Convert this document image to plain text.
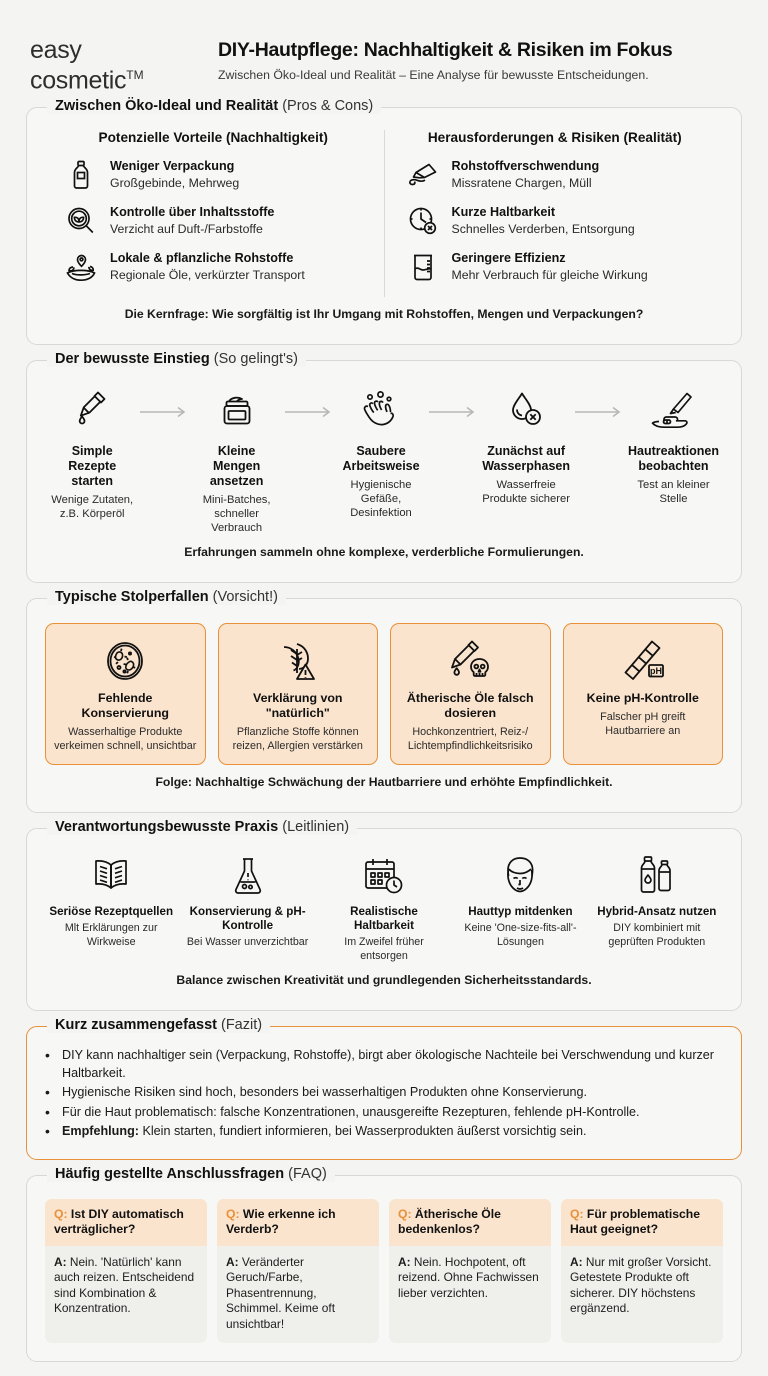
easy
cosmetic™
DIY-Hautpflege: Nachhaltigkeit & Risiken im Fokus
Zwischen Öko-Ideal und Realität – Eine Analyse für bewusste Entscheidungen.
Zwischen Öko-Ideal und Realität (Pros & Cons)
Potenzielle Vorteile (Nachhaltigkeit)
Weniger Verpackung
Großgebinde, Mehrweg
Kontrolle über Inhaltsstoffe
Verzicht auf Duft-/Farbstoffe
Lokale & pflanzliche Rohstoffe
Regionale Öle, verkürzter Transport
Herausforderungen & Risiken (Realität)
Rohstoffverschwendung
Missratene Chargen, Müll
Kurze Haltbarkeit
Schnelles Verderben, Entsorgung
Geringere Effizienz
Mehr Verbrauch für gleiche Wirkung
Die Kernfrage: Wie sorgfältig ist Ihr Umgang mit Rohstoffen, Mengen und Verpackungen?
Der bewusste Einstieg (So gelingt's)
Simple Rezepte starten
Wenige Zutaten, z.B. Körperöl
Kleine Mengen ansetzen
Mini-Batches, schneller Verbrauch
Saubere Arbeitsweise
Hygienische Gefäße, Desinfektion
Zunächst auf Wasserphasen
Wasserfreie Produkte sicherer
Hautreaktionen beobachten
Test an kleiner Stelle
Erfahrungen sammeln ohne komplexe, verderbliche Formulierungen.
Typische Stolperfallen (Vorsicht!)
Fehlende Konservierung
Wasserhaltige Produkte verkeimen schnell, unsichtbar
Verklärung von "natürlich"
Pflanzliche Stoffe können reizen, Allergien verstärken
Ätherische Öle falsch dosieren
Hochkonzentriert, Reiz-/ Lichtempfindlichkeitsrisiko
pH
Keine pH-Kontrolle
Falscher pH greift Hautbarriere an
Folge: Nachhaltige Schwächung der Hautbarriere und erhöhte Empfindlichkeit.
Verantwortungsbewusste Praxis (Leitlinien)
Seriöse Rezeptquellen
Mlt Erklärungen zur Wirkweise
Konservierung & pH-Kontrolle
Bei Wasser unverzichtbar
Realistische Haltbarkeit
Im Zweifel früher entsorgen
Hauttyp mitdenken
Keine 'One-size-fits-all'-Lösungen
Hybrid-Ansatz nutzen
DIY kombiniert mit geprüften Produkten
Balance zwischen Kreativität und grundlegenden Sicherheitsstandards.
Kurz zusammengefasst (Fazit)
• DIY kann nachhaltiger sein (Verpackung, Rohstoffe), birgt aber ökologische Nachteile bei Verschwendung und kurzer Haltbarkeit.
• Hygienische Risiken sind hoch, besonders bei wasserhaltigen Produkten ohne Konservierung.
• Für die Haut problematisch: falsche Konzentrationen, unausgereifte Rezepturen, fehlende pH-Kontrolle.
• Empfehlung: Klein starten, fundiert informieren, bei Wasserprodukten äußerst vorsichtig sein.
Häufig gestellte Anschlussfragen (FAQ)
Q: Ist DIY automatisch verträglicher?
A: Nein. 'Natürlich' kann auch reizen. Entscheidend sind Kombination & Konzentration.
Q: Wie erkenne ich Verderb?
A: Veränderter Geruch/Farbe, Phasentrennung, Schimmel. Keime oft unsichtbar!
Q: Ätherische Öle bedenkenlos?
A: Nein. Hochpotent, oft reizend. Ohne Fachwissen lieber verzichten.
Q: Für problematische Haut geeignet?
A: Nur mit großer Vorsicht. Getestete Produkte oft sicherer. DIY höchstens ergänzend.
